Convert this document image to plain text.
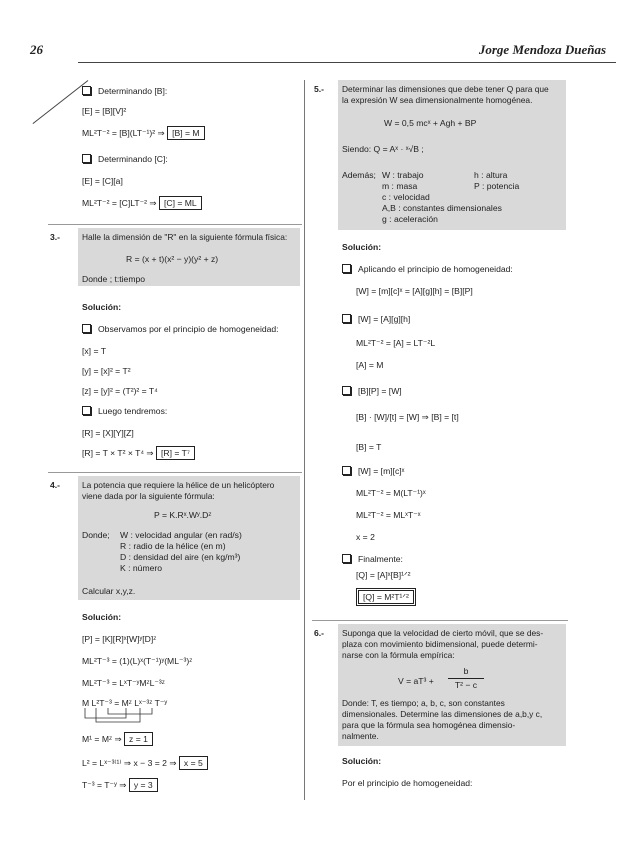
26	Jorge Mendoza Dueñas
Determinando [B]:
[E] = [B][V]²
ML²T⁻² = [B](LT⁻¹)² ⇒ [B] = M
Determinando [C]:
[E] = [C][a]
ML²T⁻² = [C]LT⁻² ⇒ [C] = ML
3.-	Halle la dimensión de "R" en la siguiente fórmula física:
R = (x + t)(x² − y)(y² + z)
Donde ; t:tiempo
Solución:
Observamos por el principio de homogeneidad:
[x] = T
[y] = [x]² = T²
[z] = [y]² = (T²)² = T⁴
Luego tendremos:
[R] = [X][Y][Z]
[R] = T × T² × T⁴ ⇒ [R] = T⁷
4.-	La potencia que requiere la hélice de un helicóptero
viene dada por la siguiente fórmula:
P = K.Rˣ.Wʸ.Dᶻ
Donde; W : velocidad angular (en rad/s)
R : radio de la hélice (en m)
D : densidad del aire (en kg/m³)
K : número
Calcular x,y,z.
Solución:
[P] = [K][R]ˣ[W]ʸ[D]ᶻ
ML²T⁻³ = (1)(L)ˣ(T⁻¹)ʸ(ML⁻³)ᶻ
ML²T⁻³ = LˣT⁻ʸMᶻL⁻³ᶻ
M L²T⁻³ = Mᶻ Lˣ⁻³ᶻ T⁻ʸ
M¹ = Mᶻ ⇒ z = 1
L² = Lˣ⁻³⁽¹⁾ ⇒ x − 3 = 2 ⇒ x = 5
T⁻³ = T⁻ʸ ⇒ y = 3
5.- Determinar las dimensiones que debe tener Q para que
la expresión W sea dimensionalmente homogénea.
W = 0,5 mcˣ + Agh + BP
Siendo: Q = Aˣ · ˣ√B ;
Además; W : trabajo	h : altura
m : masa	P : potencia
c : velocidad
A,B : constantes dimensionales
g : aceleración
Solución:
Aplicando el principio de homogeneidad:
[W] = [m][c]ˣ = [A][g][h] = [B][P]
[W] = [A][g][h]
ML²T⁻² = [A] = LT⁻²L
[A] = M
[B][P] = [W]
[B] · [W]/[t] = [W] ⇒ [B] = [t]
[B] = T
[W] = [m][c]ˣ
ML²T⁻² = M(LT⁻¹)ˣ
ML²T⁻² = MLˣT⁻ˣ
x = 2
Finalmente:
[Q] = [A]ˣ[B]¹ᐟ²
[Q] = M²T¹ᐟ²
6.- Suponga que la velocidad de cierto móvil, que se des-
plaza con movimiento bidimensional, puede determi-
narse con la fórmula empírica:
V = aT³ +
b
T² − c
Donde: T, es tiempo; a, b, c, son constantes
dimensionales. Determine las dimensiones de a,b,y c,
para que la fórmula sea homogénea dimensio-
nalmente.
Solución:
Por el principio de homogeneidad:
